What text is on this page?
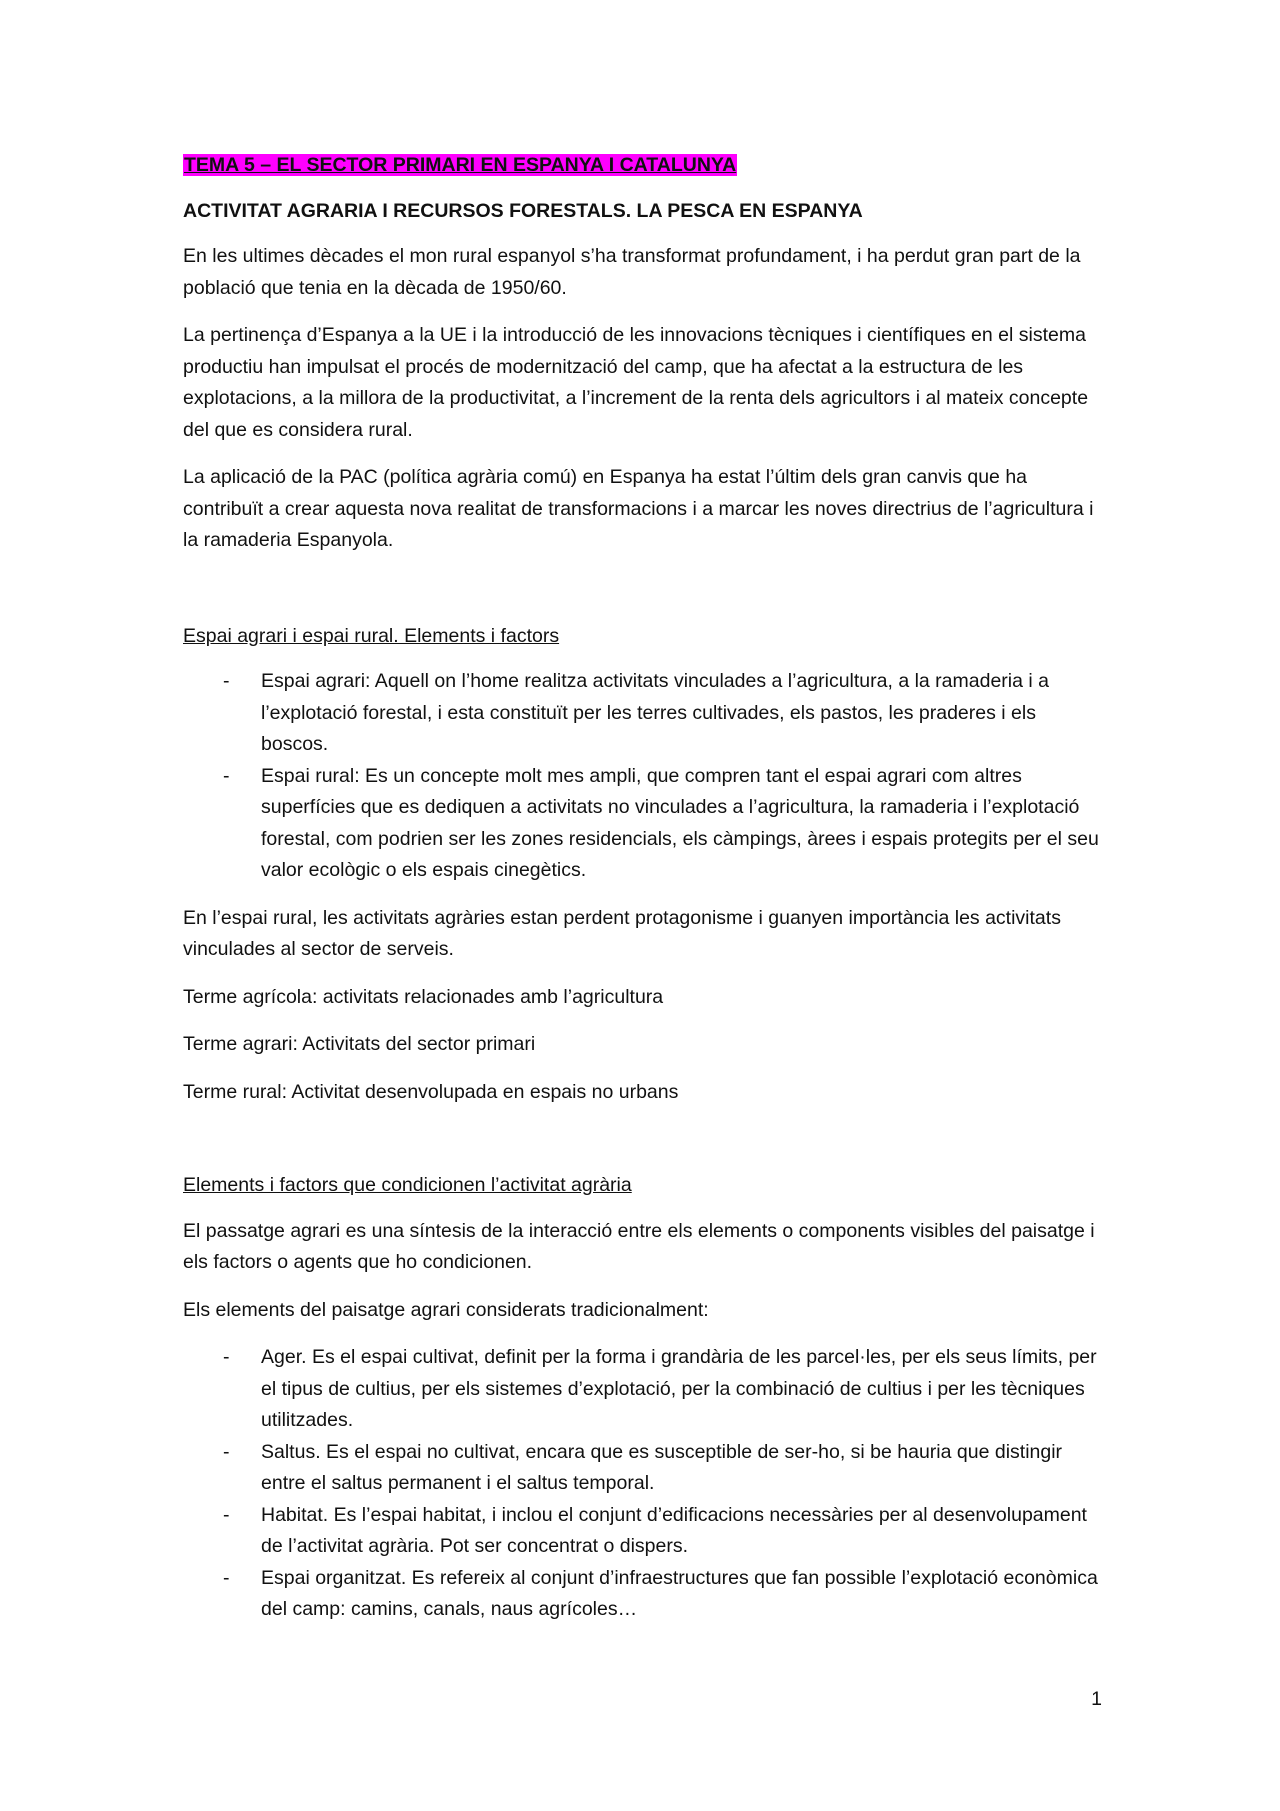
TEMA 5 – EL SECTOR PRIMARI EN ESPANYA I CATALUNYA
ACTIVITAT AGRARIA I RECURSOS FORESTALS. LA PESCA EN ESPANYA

En les ultimes dècades el mon rural espanyol s’ha transformat profundament, i ha perdut gran part de la població que tenia en la dècada de 1950/60.

La pertinença d’Espanya a la UE i la introducció de les innovacions tècniques i científiques en el sistema productiu han impulsat el procés de modernització del camp, que ha afectat a la estructura de les explotacions, a la millora de la productivitat, a l’increment de la renta dels agricultors i al mateix concepte del que es considera rural.

La aplicació de la PAC (política agrària comú) en Espanya ha estat l’últim dels gran canvis que ha contribuït a crear aquesta nova realitat de transformacions i a marcar les noves directrius de l’agricultura i la ramaderia Espanyola.

Espai agrari i espai rural. Elements i factors
- Espai agrari: Aquell on l’home realitza activitats vinculades a l’agricultura, a la ramaderia i a l’explotació forestal, i esta constituït per les terres cultivades, els pastos, les praderes i els boscos.
- Espai rural: Es un concepte molt mes ampli, que compren tant el espai agrari com altres superfícies que es dediquen a activitats no vinculades a l’agricultura, la ramaderia i l’explotació forestal, com podrien ser les zones residencials, els càmpings, àrees i espais protegits per el seu valor ecològic o els espais cinegètics.

En l’espai rural, les activitats agràries estan perdent protagonisme i guanyen importància les activitats vinculades al sector de serveis.

Terme agrícola: activitats relacionades amb l’agricultura

Terme agrari: Activitats del sector primari

Terme rural: Activitat desenvolupada en espais no urbans

Elements i factors que condicionen l’activitat agrària

El passatge agrari es una síntesis de la interacció entre els elements o components visibles del paisatge i els factors o agents que ho condicionen.

Els elements del paisatge agrari considerats tradicionalment:

- Ager. Es el espai cultivat, definit per la forma i grandària de les parcel·les, per els seus límits, per el tipus de cultius, per els sistemes d’explotació, per la combinació de cultius i per les tècniques utilitzades.
- Saltus. Es el espai no cultivat, encara que es susceptible de ser-ho, si be hauria que distingir entre el saltus permanent i el saltus temporal.
- Habitat. Es l’espai habitat, i inclou el conjunt d’edificacions necessàries per al desenvolupament de l’activitat agrària. Pot ser concentrat o dispers.
- Espai organitzat. Es refereix al conjunt d’infraestructures que fan possible l’explotació econòmica del camp: camins, canals, naus agrícoles…
1
